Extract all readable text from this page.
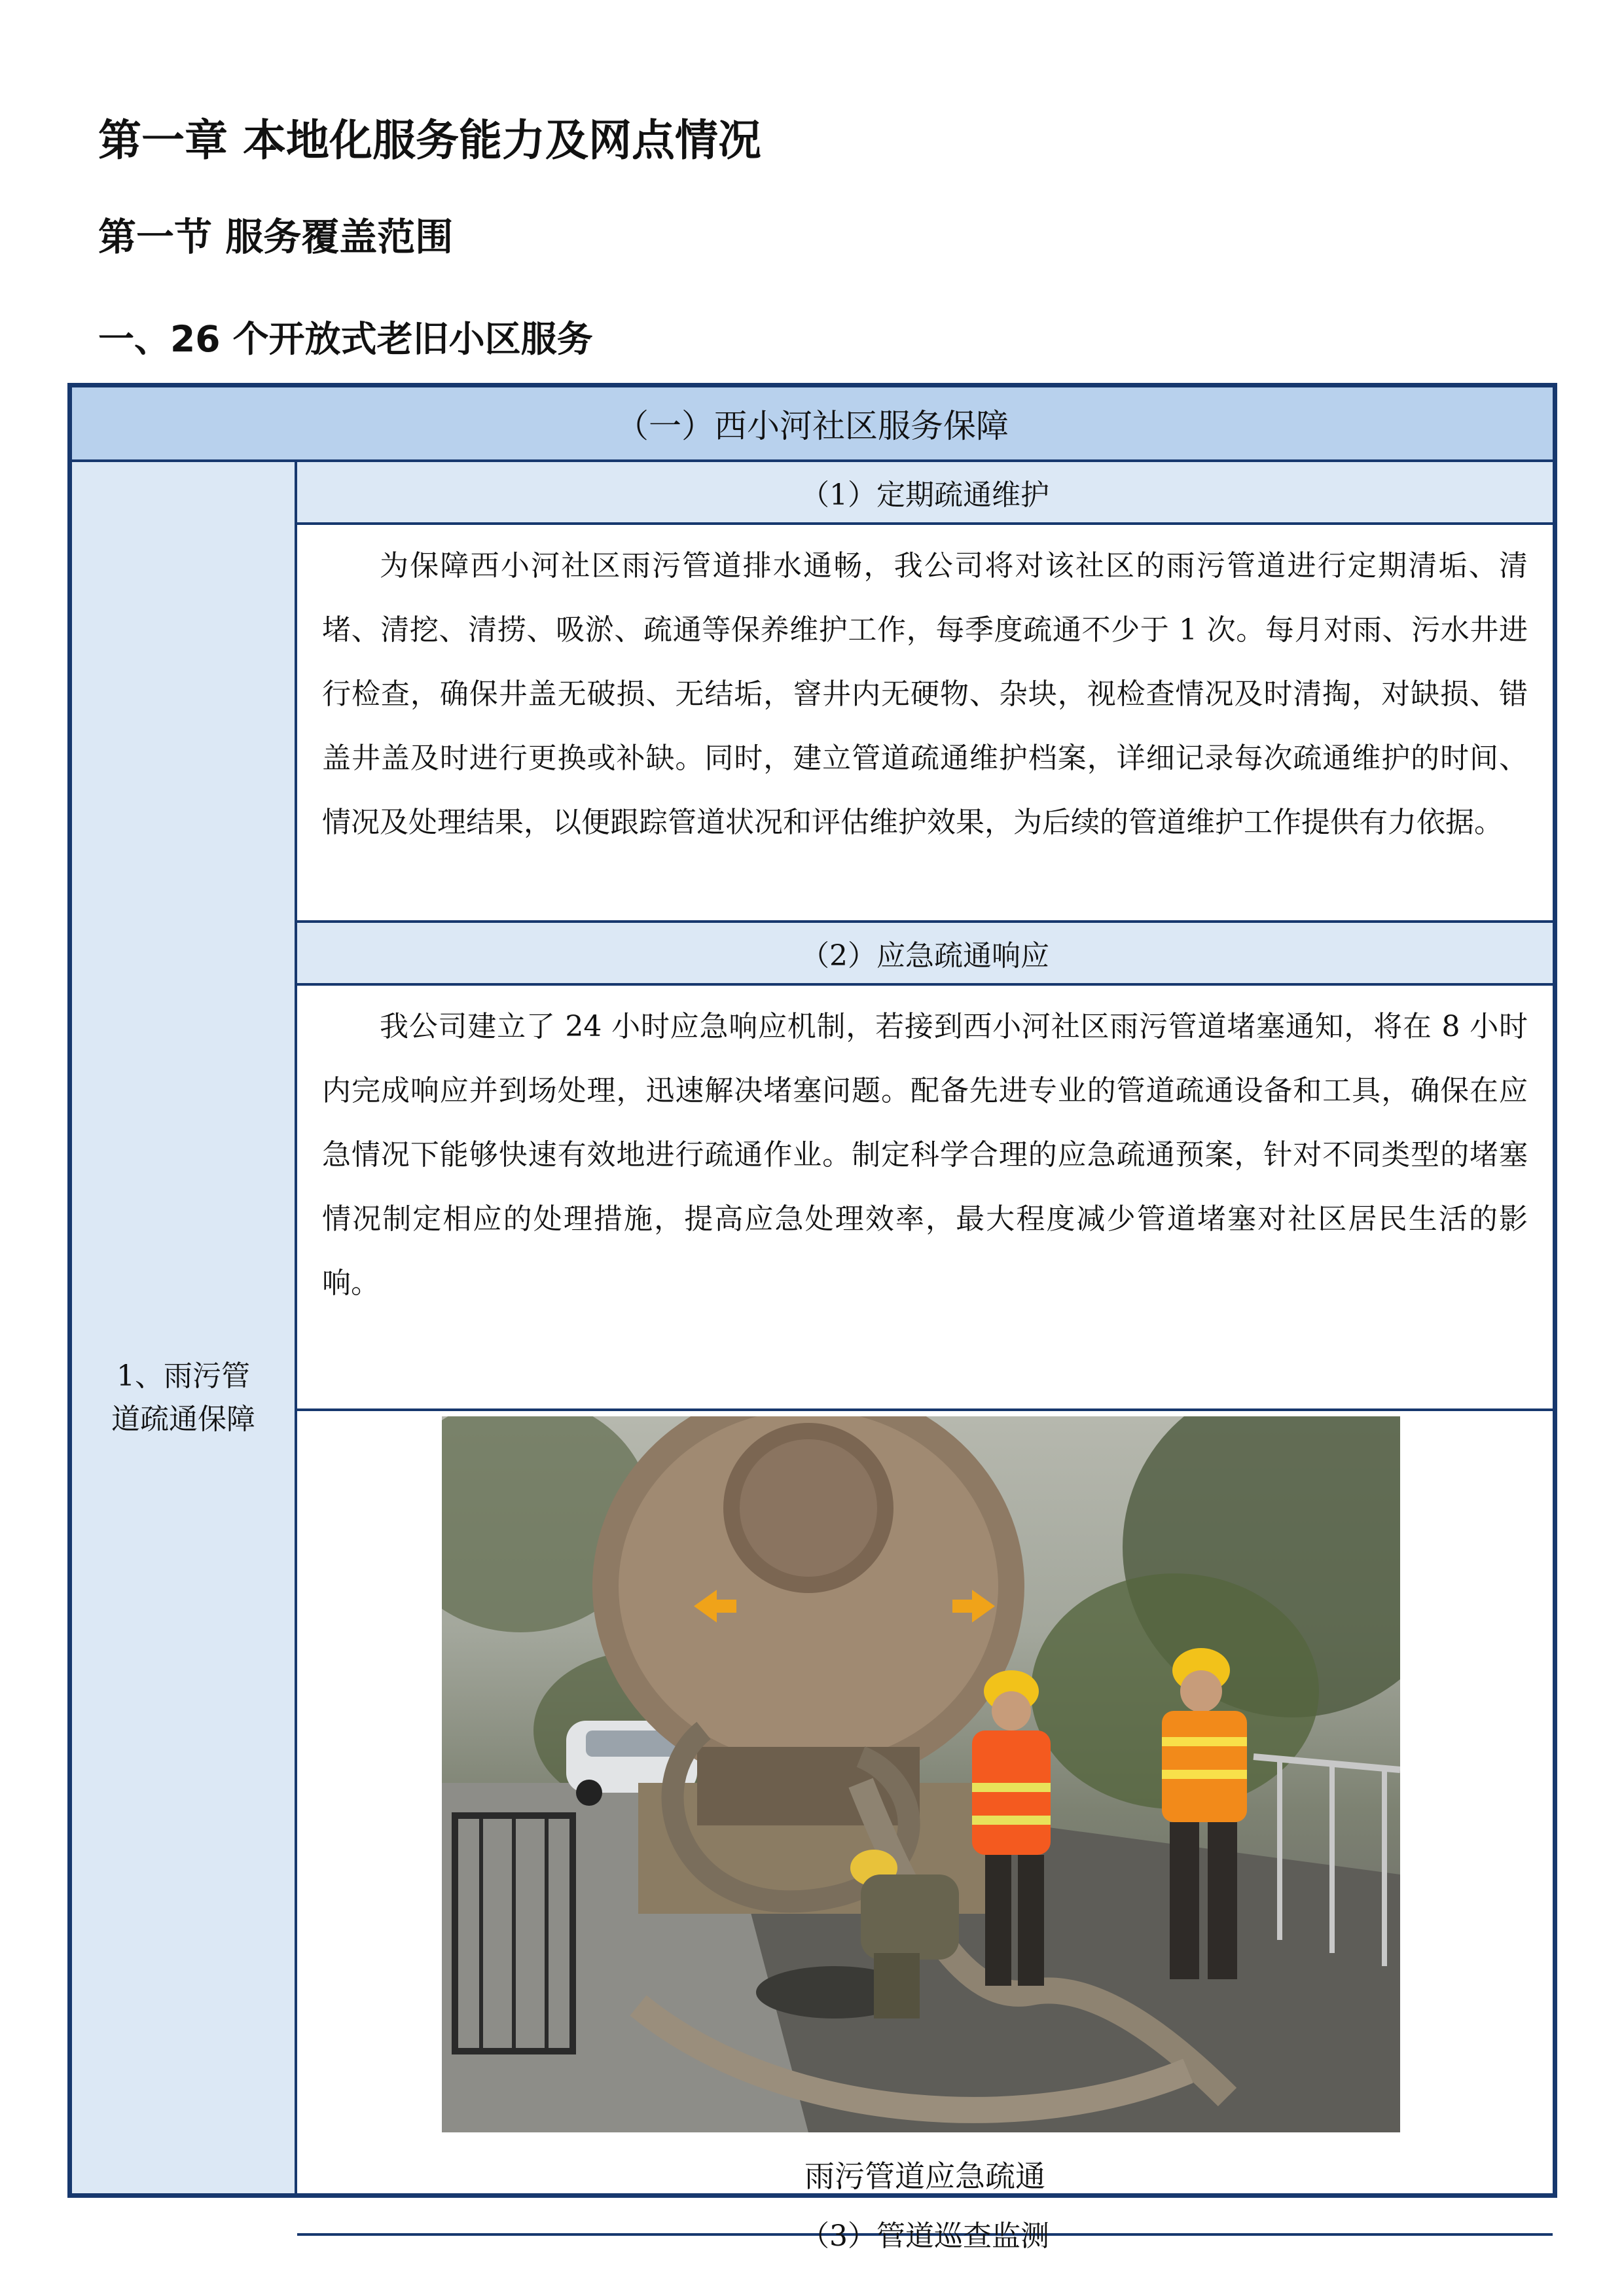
第一章 本地化服务能力及网点情况
第一节 服务覆盖范围
一、26 个开放式老旧小区服务
（一）西小河社区服务保障
1、雨污管
道疏通保障
（1）定期疏通维护

为保障西小河社区雨污管道排水通畅，我公司将对该社区的雨污管道进行定期清垢、清堵、清挖、清捞、吸淤、疏通等保养维护工作，每季度疏通不少于 1 次。每月对雨、污水井进行检查，确保井盖无破损、无结垢，窨井内无硬物、杂块，视检查情况及时清掏，对缺损、错盖井盖及时进行更换或补缺。同时，建立管道疏通维护档案，详细记录每次疏通维护的时间、情况及处理结果，以便跟踪管道状况和评估维护效果，为后续的管道维护工作提供有力依据。

（2）应急疏通响应

我公司建立了 24 小时应急响应机制，若接到西小河社区雨污管道堵塞通知，将在 8 小时内完成响应并到场处理，迅速解决堵塞问题。配备先进专业的管道疏通设备和工具，确保在应急情况下能够快速有效地进行疏通作业。制定科学合理的应急疏通预案，针对不同类型的堵塞情况制定相应的处理措施，提高应急处理效率，最大程度减少管道堵塞对社区居民生活的影响。

雨污管道应急疏通
（3）管道巡查监测
